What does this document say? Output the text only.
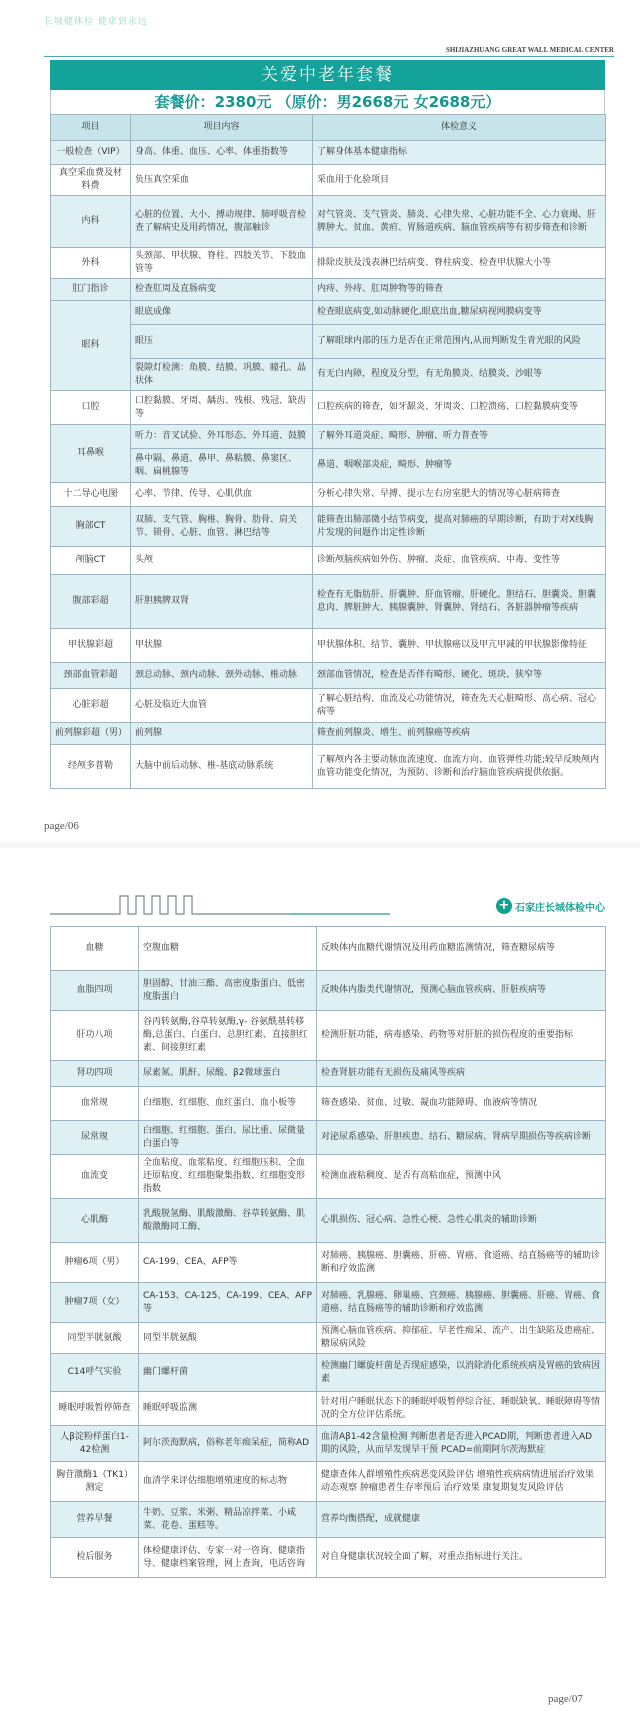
长城健体检 健康到永远
SHIJIAZHUANG GREAT WALL MEDICAL CENTER
关爱中老年套餐
套餐价：2380元 （原价：男2668元 女2688元）
项目	项目内容	体检意义
一般检查（VIP）	身高、体重、血压、心率、体重指数等	了解身体基本健康指标
真空采血费及材料费	负压真空采血	采血用于化验项目
内科	心脏的位置、大小、搏动规律、肺呼吸音检查了解病史及用药情况，腹部触诊	对气管炎、支气管炎、肺炎、心律失常、心脏功能不全、心力衰竭、肝脾肿大、贫血、黄疸、胃肠道疾病、脑血管疾病等有初步筛查和诊断
外科	头颈部、甲状腺、脊柱、四肢关节、下肢血管等	排除皮肤及浅表淋巴结病变、脊柱病变、检查甲状腺大小等
肛门指诊	检查肛周及直肠病变	内痔、外痔、肛周肿物等的筛查
眼科	眼底成像	检查眼底病变,如动脉硬化,眼底出血,糖尿病视网膜病变等
	眼压	了解眼球内部的压力是否在正常范围内,从而判断发生青光眼的风险
	裂隙灯检测：角膜、结膜、巩膜、瞳孔、晶状体	有无白内障，程度及分型，有无角膜炎、结膜炎、沙眼等
口腔	口腔黏膜、牙周、龋齿、残根、残冠、缺齿等	口腔疾病的筛查，如牙龈炎、牙周炎、口腔溃疡、口腔黏膜病变等
耳鼻喉	听力：音叉试验、外耳形态、外耳道、鼓膜	了解外耳道炎症、畸形、肿瘤、听力普查等
	鼻中隔、鼻道、鼻甲、鼻粘膜、鼻窦区、咽、扁桃腺等	鼻道、咽喉部炎症，畸形、肿瘤等
十二导心电图	心率、节律、传导、心肌供血	分析心律失常、早搏、提示左右房室肥大的情况等心脏病筛查
胸部CT	双肺、支气管、胸椎、胸骨、肋骨、肩关节、锁骨、心脏、血管、淋巴结等	能筛查出肺部微小结节病变，提高对肺癌的早期诊断，有助于对X线胸片发现的问题作出定性诊断
颅脑CT	头颅	诊断颅脑疾病如外伤、肿瘤、炎症、血管疾病、中毒、变性等
腹部彩超	肝胆胰脾双肾	检查有无脂肪肝、肝囊肿、肝血管瘤、肝硬化、胆结石、胆囊炎、胆囊息肉、脾脏肿大、胰腺囊肿、肾囊肿、肾结石、各脏器肿瘤等疾病
甲状腺彩超	甲状腺	甲状腺体积、结节、囊肿、甲状腺癌以及甲亢甲减的甲状腺影像特征
颈部血管彩超	颈总动脉、颈内动脉、颈外动脉、椎动脉	颈部血管情况，检查是否伴有畸形、硬化、斑块、狭窄等
心脏彩超	心脏及临近大血管	了解心脏结构、血流及心功能情况，筛查先天心脏畸形、高心病、冠心病等
前列腺彩超（男）	前列腺	筛查前列腺炎、增生、前列腺癌等疾病
经颅多普勒	大脑中前后动脉、椎-基底动脉系统	了解颅内各主要动脉血流速度、血流方向、血管弹性功能;较早反映颅内血管功能变化情况，为预防、诊断和治疗脑血管疾病提供依据。
page/06
+ 石家庄长城体检中心
血糖	空腹血糖	反映体内血糖代谢情况及用药血糖监测情况，筛查糖尿病等
血脂四项	胆固醇、甘油三酯、高密度脂蛋白、低密度脂蛋白	反映体内脂类代谢情况，预测心脑血管疾病、肝脏疾病等
肝功八项	谷丙转氨酶,谷草转氨酶,γ- 谷氨酰基转移酶,总蛋白、白蛋白、总胆红素、直接胆红素、间接胆红素	检测肝脏功能，病毒感染、药物等对肝脏的损伤程度的重要指标
肾功四项	尿素氮、肌酐、尿酸、β2微球蛋白	检查肾脏功能有无损伤及痛风等疾病
血常规	白细胞、红细胞、血红蛋白、血小板等	筛查感染、贫血、过敏、凝血功能障碍、血液病等情况
尿常规	白细胞、红细胞、蛋白、尿比重、尿微量白蛋白等	对泌尿系感染、肝胆疾患、结石、糖尿病、肾病早期损伤等疾病诊断
血流变	全血粘度、血浆粘度、红细胞压积、全血还原粘度、红细胞聚集指数、红细胞变形指数	检测血液粘稠度、是否有高粘血症，预测中风
心肌酶	乳酸脱氢酶、肌酸激酶、谷草转氨酶、肌酸激酶同工酶、	心肌损伤、冠心病、急性心梗、急性心肌炎的辅助诊断
肿瘤6项（男）	CA-199、CEA、AFP等	对肺癌、胰腺癌、胆囊癌、肝癌、胃癌、食道癌、结直肠癌等的辅助诊断和疗效监测
肿瘤7项（女）	CA-153、CA-125、CA-199、CEA、AFP等	对肺癌、乳腺癌、卵巢癌、宫颈癌、胰腺癌、胆囊癌、肝癌、胃癌、食道癌、结直肠癌等的辅助诊断和疗效监测
同型半胱氨酸	同型半胱氨酸	预测心脑血管疾病、抑郁症、早老性痴呆、流产、出生缺陷及患癌症、糖尿病风险
C14呼气实验	幽门螺杆菌	检测幽门螺旋杆菌是否现症感染，以消除消化系统疾病及胃癌的致病因素
睡眠呼吸暂停筛查	睡眠呼吸监测	针对用户睡眠状态下的睡眠呼吸暂停综合征、睡眠缺氧、睡眠障碍等情况的全方位评估系统。
人β淀粉样蛋白1-42检测	阿尔茨海默病，俗称老年痴呆症，简称AD	血清Aβ1-42含量检测 判断患者是否进入PCAD期，判断患者进入AD期的风险，从而早发现早干预 PCAD=前期阿尔茨海默症
胸苷激酶1（TK1）测定	血清学来评估细胞增殖速度的标志物	健康查体人群增殖性疾病恶变风险评估 增殖性疾病病情进展治疗效果动态观察 肿瘤患者生存率预后 治疗效果 康复期复发风险评估
营养早餐	牛奶、豆浆、米粥、精品凉拌菜、小咸菜、花卷、蛋糕等。	营养均衡搭配，成就健康
检后服务	体检健康评估、专家一对一咨询、健康指导、健康档案管理，网上查询，电话咨询	对自身健康状况较全面了解，对重点指标进行关注。
page/07
